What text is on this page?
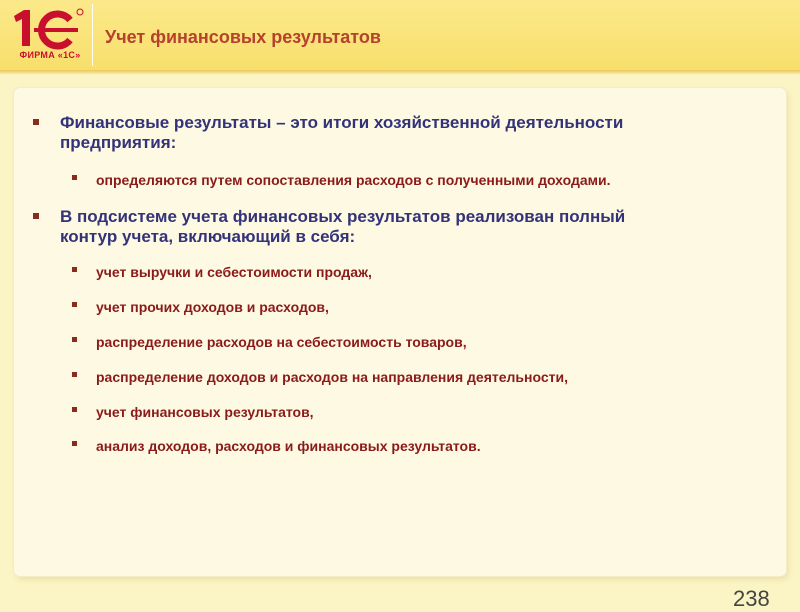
ФИРМА «1С»
Учет финансовых результатов
Финансовые результаты – это итоги хозяйственной деятельности
предприятия:
определяются путем сопоставления расходов с полученными доходами.
В подсистеме учета финансовых результатов реализован полный
контур учета, включающий в себя:
учет выручки и себестоимости продаж,
учет прочих доходов и расходов,
распределение расходов на себестоимость товаров,
распределение доходов и расходов на направления деятельности,
учет финансовых результатов,
анализ доходов, расходов и финансовых результатов.
238
